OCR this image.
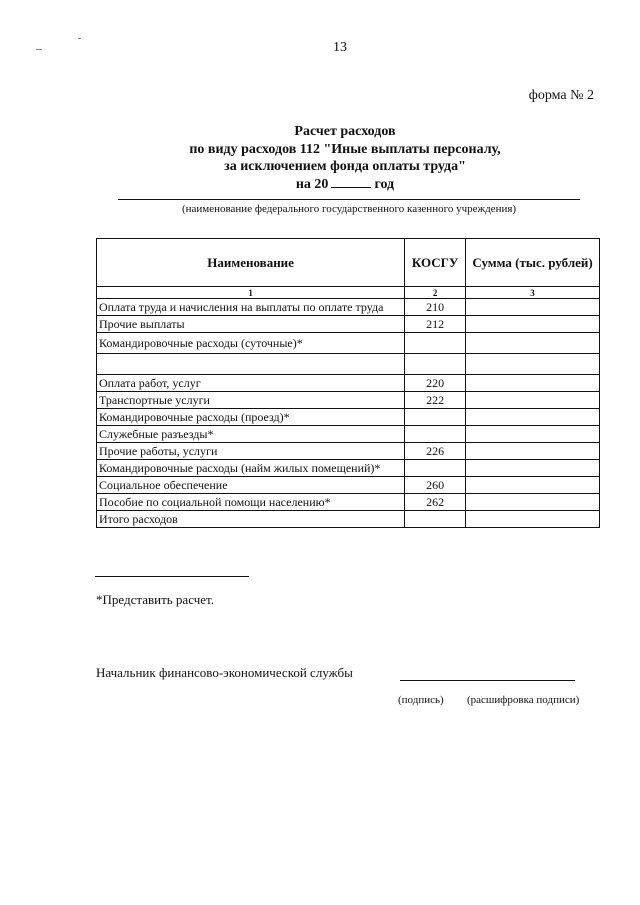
13
форма № 2
Расчет расходов
по виду расходов 112 "Иные выплаты персоналу,
за исключением фонда оплаты труда"
на 20	год
(наименование федерального государственного казенного учреждения)
Наименование	КОСГУ	Сумма (тыс. рублей)
1	2	3
Оплата труда и начисления на выплаты по оплате труда	210	
Прочие выплаты	212	
Командировочные расходы (суточные)*		

Оплата работ, услуг	220	
Транспортные услуги	222	
Командировочные расходы (проезд)*		
Служебные разъезды*		
Прочие работы, услуги	226	
Командировочные расходы (найм жилых помещений)*		
Социальное обеспечение	260	
Пособие по социальной помощи населению*	262	
Итого расходов		
*Представить расчет.
Начальник финансово-экономической службы
(подпись) (расшифровка подписи)
